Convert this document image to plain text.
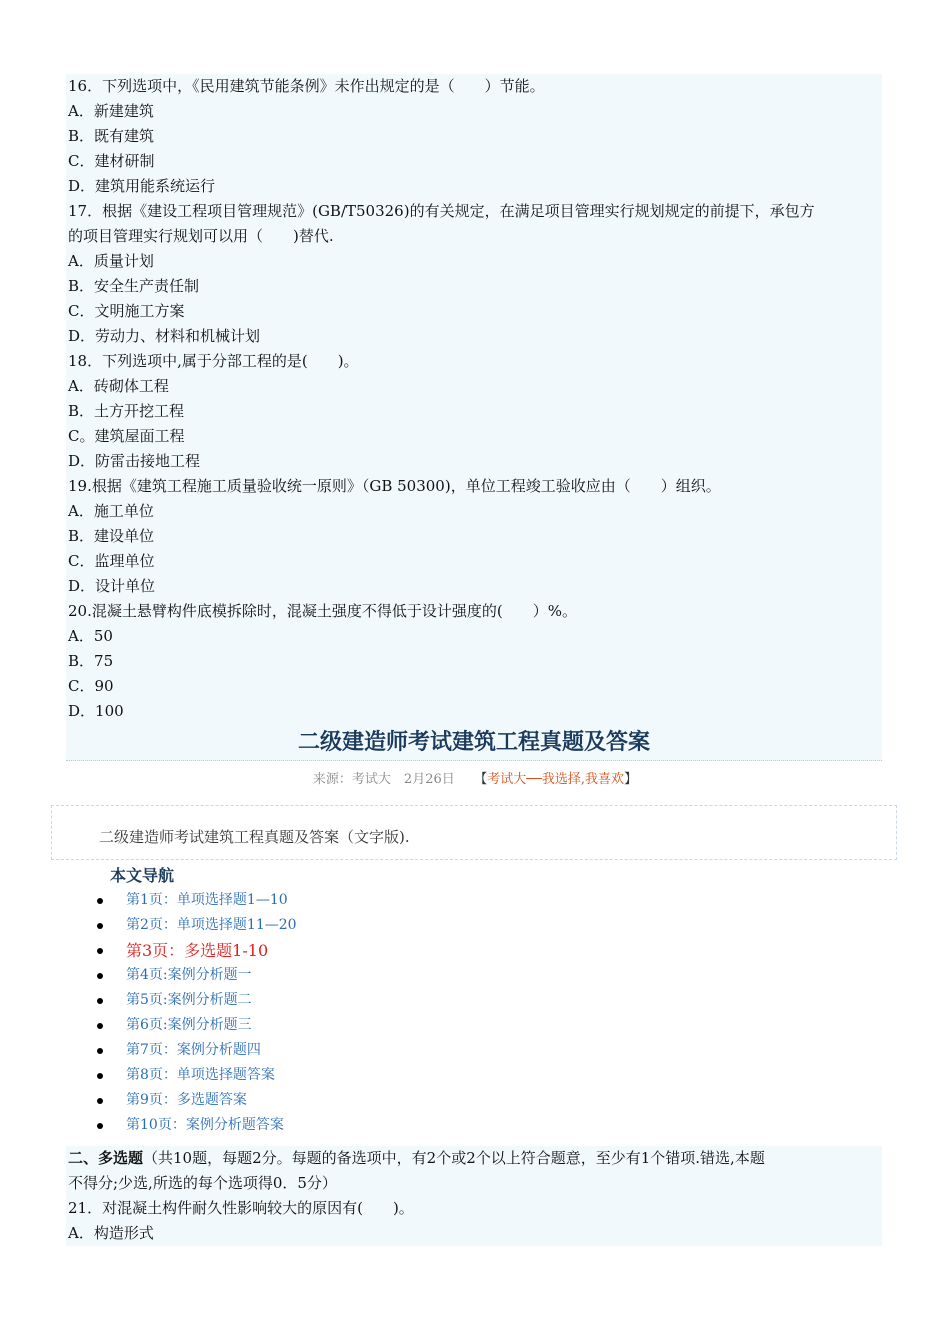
16．下列选项中，《民用建筑节能条例》未作出规定的是（　　）节能。
A．新建建筑
B．既有建筑
C．建材研制
D．建筑用能系统运行
17．根据《建设工程项目管理规范》(GB/T50326)的有关规定，在满足项目管理实行规划规定的前提下，承包方
的项目管理实行规划可以用（　　)替代.
A．质量计划
B．安全生产责任制
C．文明施工方案
D．劳动力、材料和机械计划
18．下列选项中,属于分部工程的是(　　)。
A．砖砌体工程
B．土方开挖工程
C。建筑屋面工程
D．防雷击接地工程
19.根据《建筑工程施工质量验收统一原则》（GB 50300)，单位工程竣工验收应由（　　）组织。
A．施工单位
B．建设单位
C．监理单位
D．设计单位
20.混凝土悬臂构件底模拆除时，混凝土强度不得低于设计强度的(　　）%。
A．50
B．75
C．90
D．100
二级建造师考试建筑工程真题及答案
来源：考试大　2月26日　　【考试大──我选择,我喜欢】
二级建造师考试建筑工程真题及答案（文字版).
本文导航
第1页：单项选择题1—10
第2页：单项选择题11—20
第3页：多选题1-10
第4页:案例分析题一
第5页:案例分析题二
第6页:案例分析题三
第7页：案例分析题四
第8页：单项选择题答案
第9页：多选题答案
第10页：案例分析题答案
二、多选题（共10题，每题2分。每题的备选项中，有2个或2个以上符合题意，至少有1个错项.错选,本题
不得分;少选,所选的每个选项得0．5分）
21．对混凝土构件耐久性影响较大的原因有(　　)。
A．构造形式
